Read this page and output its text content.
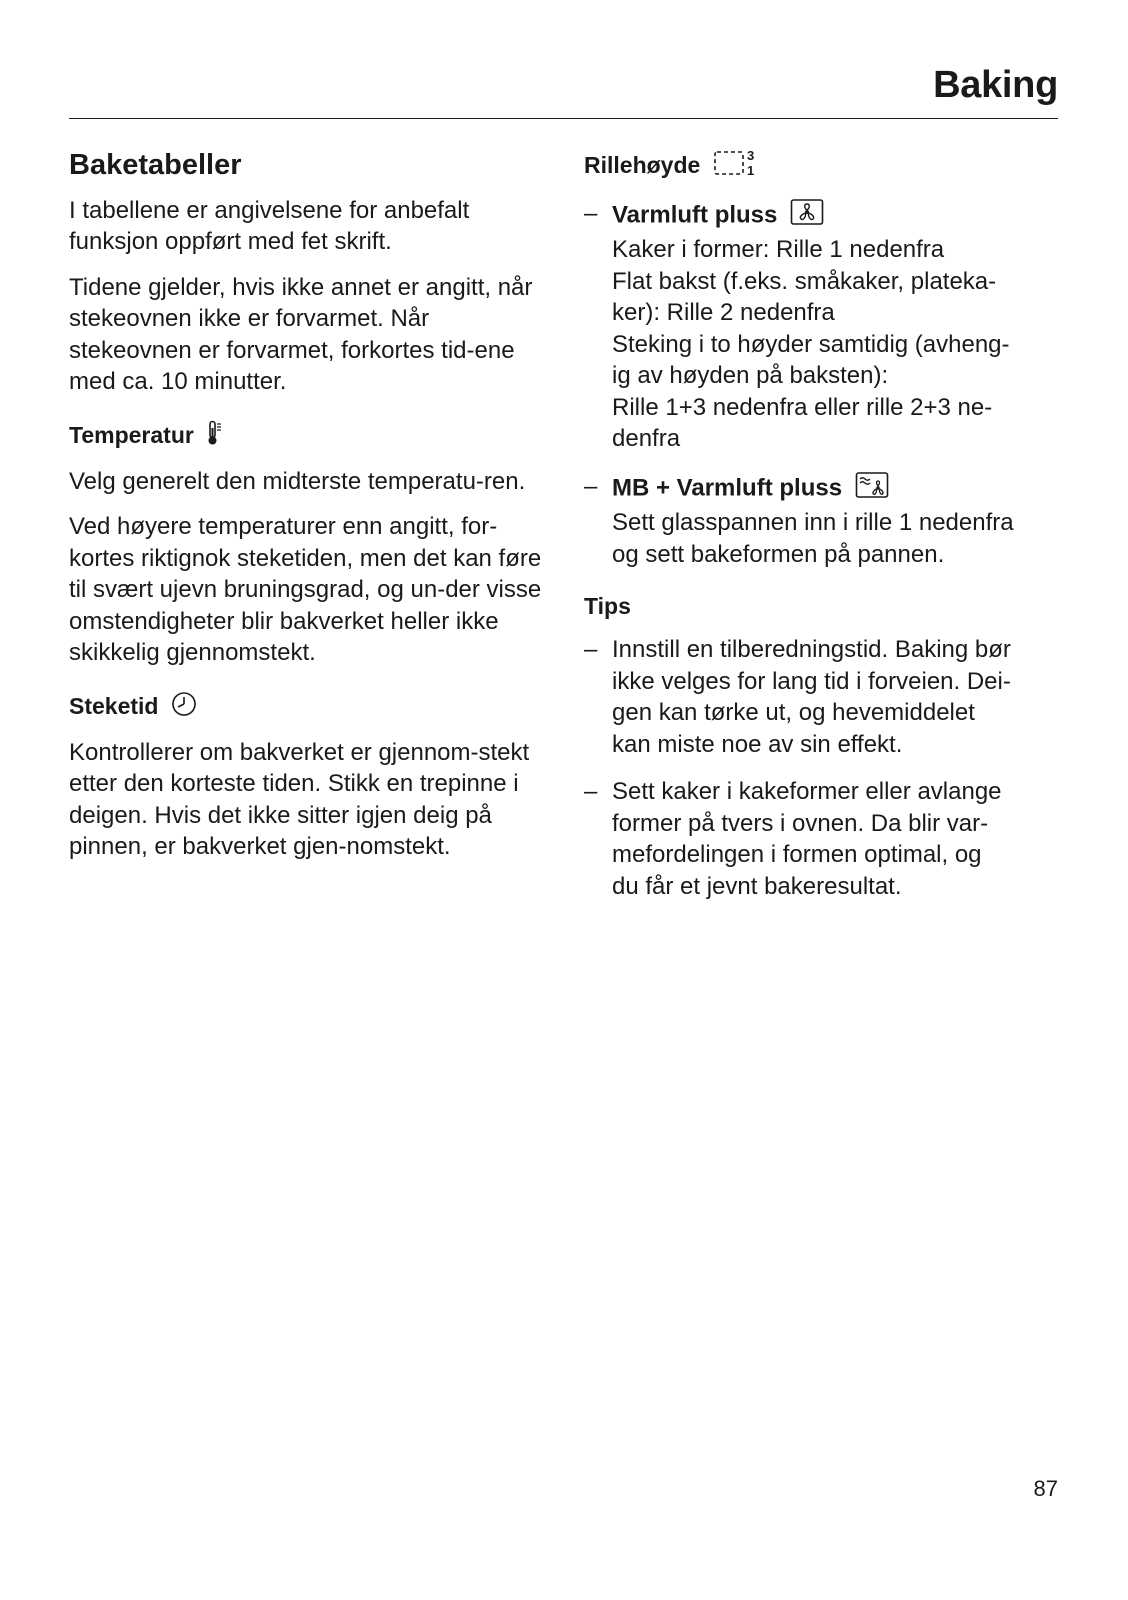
Baking
Baketabeller
I tabellene er angivelsene for anbefalt funksjon oppført med fet skrift.
Tidene gjelder, hvis ikke annet er angitt, når stekeovnen ikke er forvarmet. Når stekeovnen er forvarmet, forkortes tid-ene med ca. 10 minutter.
Temperatur
Velg generelt den midterste temperatu-ren.
Ved høyere temperaturer enn angitt, for-kortes riktignok steketiden, men det kan føre til svært ujevn bruningsgrad, og un-der visse omstendigheter blir bakverket heller ikke skikkelig gjennomstekt.
Steketid
Kontrollerer om bakverket er gjennom-stekt etter den korteste tiden. Stikk en trepinne i deigen. Hvis det ikke sitter igjen deig på pinnen, er bakverket gjen-nomstekt.
Rillehøyde	3
1
– Varmluft pluss
Kaker i former: Rille 1 nedenfra
Flat bakst (f.eks. småkaker, plateka-
ker): Rille 2 nedenfra
Steking i to høyder samtidig (avheng-
ig av høyden på baksten):
Rille 1+3 nedenfra eller rille 2+3 ne-
denfra
– MB + Varmluft pluss
Sett glasspannen inn i rille 1 nedenfra
og sett bakeformen på pannen.
Tips
– Innstill en tilberedningstid. Baking bør
ikke velges for lang tid i forveien. Dei-
gen kan tørke ut, og hevemiddelet
kan miste noe av sin effekt.
– Sett kaker i kakeformer eller avlange
former på tvers i ovnen. Da blir var-
mefordelingen i formen optimal, og
du får et jevnt bakeresultat.
87
